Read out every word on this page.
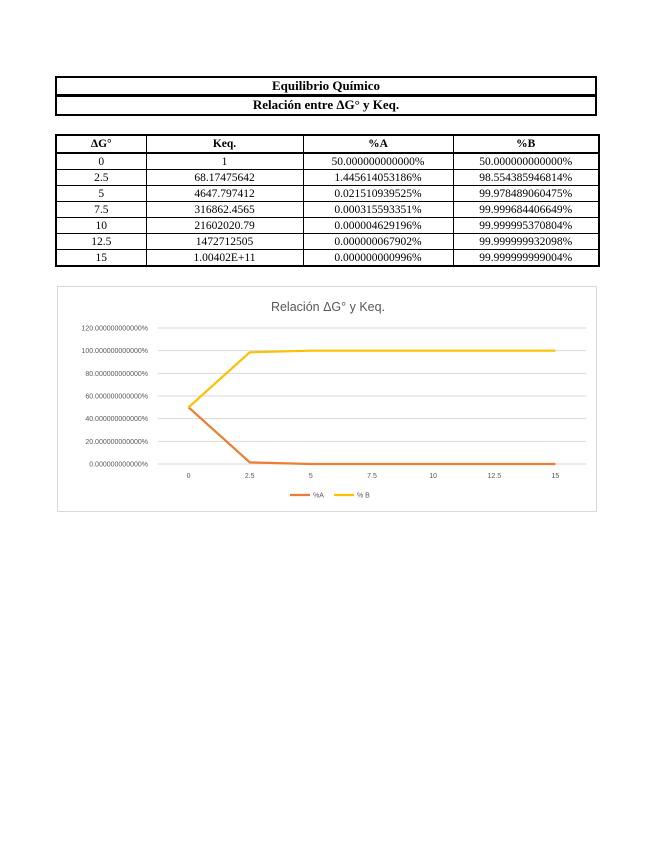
Equilibrio Químico
Relación entre ΔG° y Keq.
ΔG°	Keq.	%A	%B
0	1	50.000000000000%	50.000000000000%
2.5	68.17475642	1.445614053186%	98.554385946814%
5	4647.797412	0.021510939525%	99.978489060475%
7.5	316862.4565	0.000315593351%	99.999684406649%
10	21602020.79	0.000004629196%	99.999995370804%
12.5	1472712505	0.000000067902%	99.999999932098%
15	1.00402E+11	0.000000000996%	99.999999999004%
Relación ΔG° y Keq.
120.000000000000%
100.000000000000%
80.000000000000%
60.000000000000%
40.000000000000%
20.000000000000%
0.000000000000%
0	2.5	5	7.5	10	12.5	15
%A	% B
